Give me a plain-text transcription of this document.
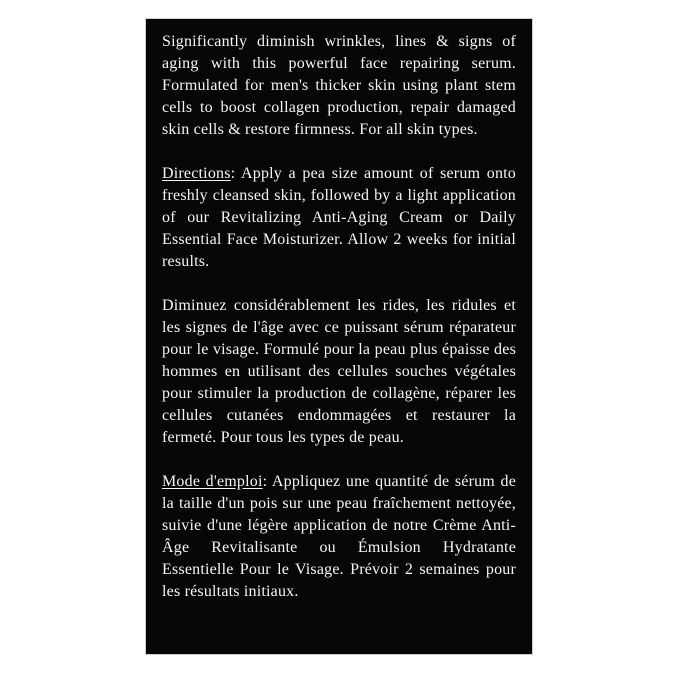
Significantly diminish wrinkles, lines & signs of aging with this powerful face repairing serum. Formulated for men's thicker skin using plant stem cells to boost collagen production, repair damaged skin cells & restore firmness. For all skin types.

Directions: Apply a pea size amount of serum onto freshly cleansed skin, followed by a light application of our Revitalizing Anti-Aging Cream or Daily Essential Face Moisturizer. Allow 2 weeks for initial results.

Diminuez considérablement les rides, les ridules et les signes de l'âge avec ce puissant sérum réparateur pour le visage. Formulé pour la peau plus épaisse des hommes en utilisant des cellules souches végétales pour stimuler la production de collagène, réparer les cellules cutanées endommagées et restaurer la fermeté. Pour tous les types de peau.

Mode d'emploi: Appliquez une quantité de sérum de la taille d'un pois sur une peau fraîchement nettoyée, suivie d'une légère application de notre Crème Anti-Âge Revitalisante ou Émulsion Hydratante Essentielle Pour le Visage. Prévoir 2 semaines pour les résultats initiaux.
